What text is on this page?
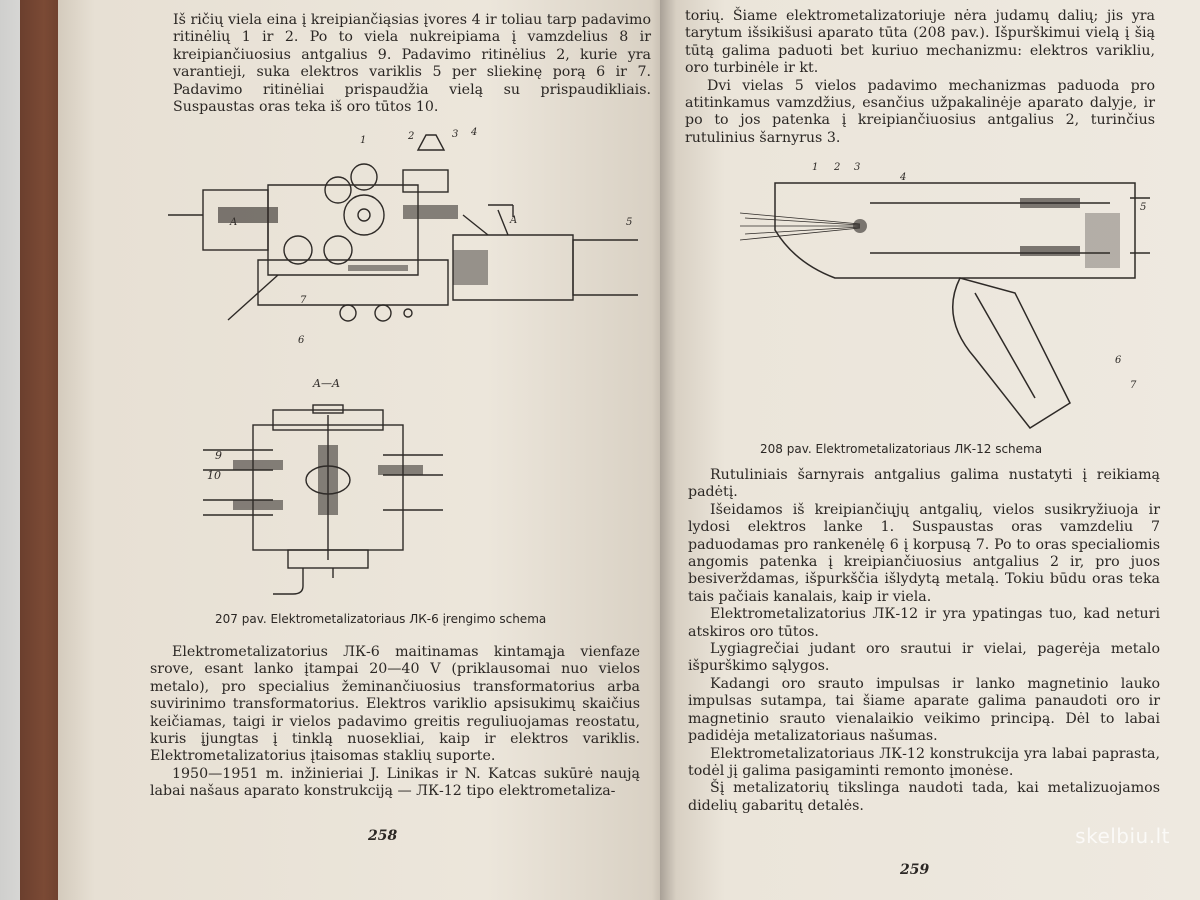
Iš ričių viela eina į kreipiančiąsias įvores 4 ir toliau tarp padavimo ritinėlių 1 ir 2. Po to viela nukreipiama į vamzdelius 8 ir kreipiančiuosius antgalius 9. Padavimo ritinėlius 2, kurie yra varantieji, suka elektros variklis 5 per sliekinę porą 6 ir 7. Padavimo ritinėliai prispaudžia vielą su prispaudikliais. Suspaustas oras teka iš oro tūtos 10.

1	2	3 4
5
6
7
A	A
A—A
9
10
207 pav. Elektrometalizatoriaus ЛК-6 įrengimo schema

Elektrometalizatorius ЛК-6 maitinamas kintamąja vienfaze srove, esant lanko įtampai 20—40 V (priklausomai nuo vielos metalo), pro specialius žeminančiuosius transformatorius arba suvirinimo transformatorius. Elektros variklio apsisukimų skaičius keičiamas, taigi ir vielos padavimo greitis reguliuojamas reostatu, kuris įjungtas į tinklą nuosekliai, kaip ir elektros variklis. Elektrometalizatorius įtaisomas staklių suporte.

1950—1951 m. inžinieriai J. Linikas ir N. Katcas sukūrė naują labai našaus aparato konstrukciją — ЛК-12 tipo elektrometaliza-

258

torių. Šiame elektrometalizatoriuje nėra judamų dalių; jis yra tarytum išsikišusi aparato tūta (208 pav.). Išpurškimui vielą į šią tūtą galima paduoti bet kuriuo mechanizmu: elektros varikliu, oro turbinėle ir kt.

Dvi vielas 5 vielos padavimo mechanizmas paduoda pro atitinkamus vamzdžius, esančius užpakalinėje aparato dalyje, ir po to jos patenka į kreipiančiuosius antgalius 2, turinčius rutulinius šarnyrus 3.

1 2 3
4
5
6
7
208 pav. Elektrometalizatoriaus ЛК-12 schema

Rutuliniais šarnyrais antgalius galima nustatyti į reikiamą padėtį.

Išeidamos iš kreipiančiųjų antgalių, vielos susikryžiuoja ir lydosi elektros lanke 1. Suspaustas oras vamzdeliu 7 paduodamas pro rankenėlę 6 į korpusą 7. Po to oras specialiomis angomis patenka į kreipiančiuosius antgalius 2 ir, pro juos besiverždamas, išpurkščia išlydytą metalą. Tokiu būdu oras teka tais pačiais kanalais, kaip ir viela.

Elektrometalizatorius ЛК-12 ir yra ypatingas tuo, kad neturi atskiros oro tūtos.

Lygiagrečiai judant oro srautui ir vielai, pagerėja metalo išpurškimo sąlygos.

Kadangi oro srauto impulsas ir lanko magnetinio lauko impulsas sutampa, tai šiame aparate galima panaudoti oro ir magnetinio srauto vienalaikio veikimo principą. Dėl to labai padidėja metalizatoriaus našumas.

Elektrometalizatoriaus ЛК-12 konstrukcija yra labai paprasta, todėl jį galima pasigaminti remonto įmonėse.

Šį metalizatorių tikslinga naudoti tada, kai metalizuojamos didelių gabaritų detalės.

259
skelbiu.lt
